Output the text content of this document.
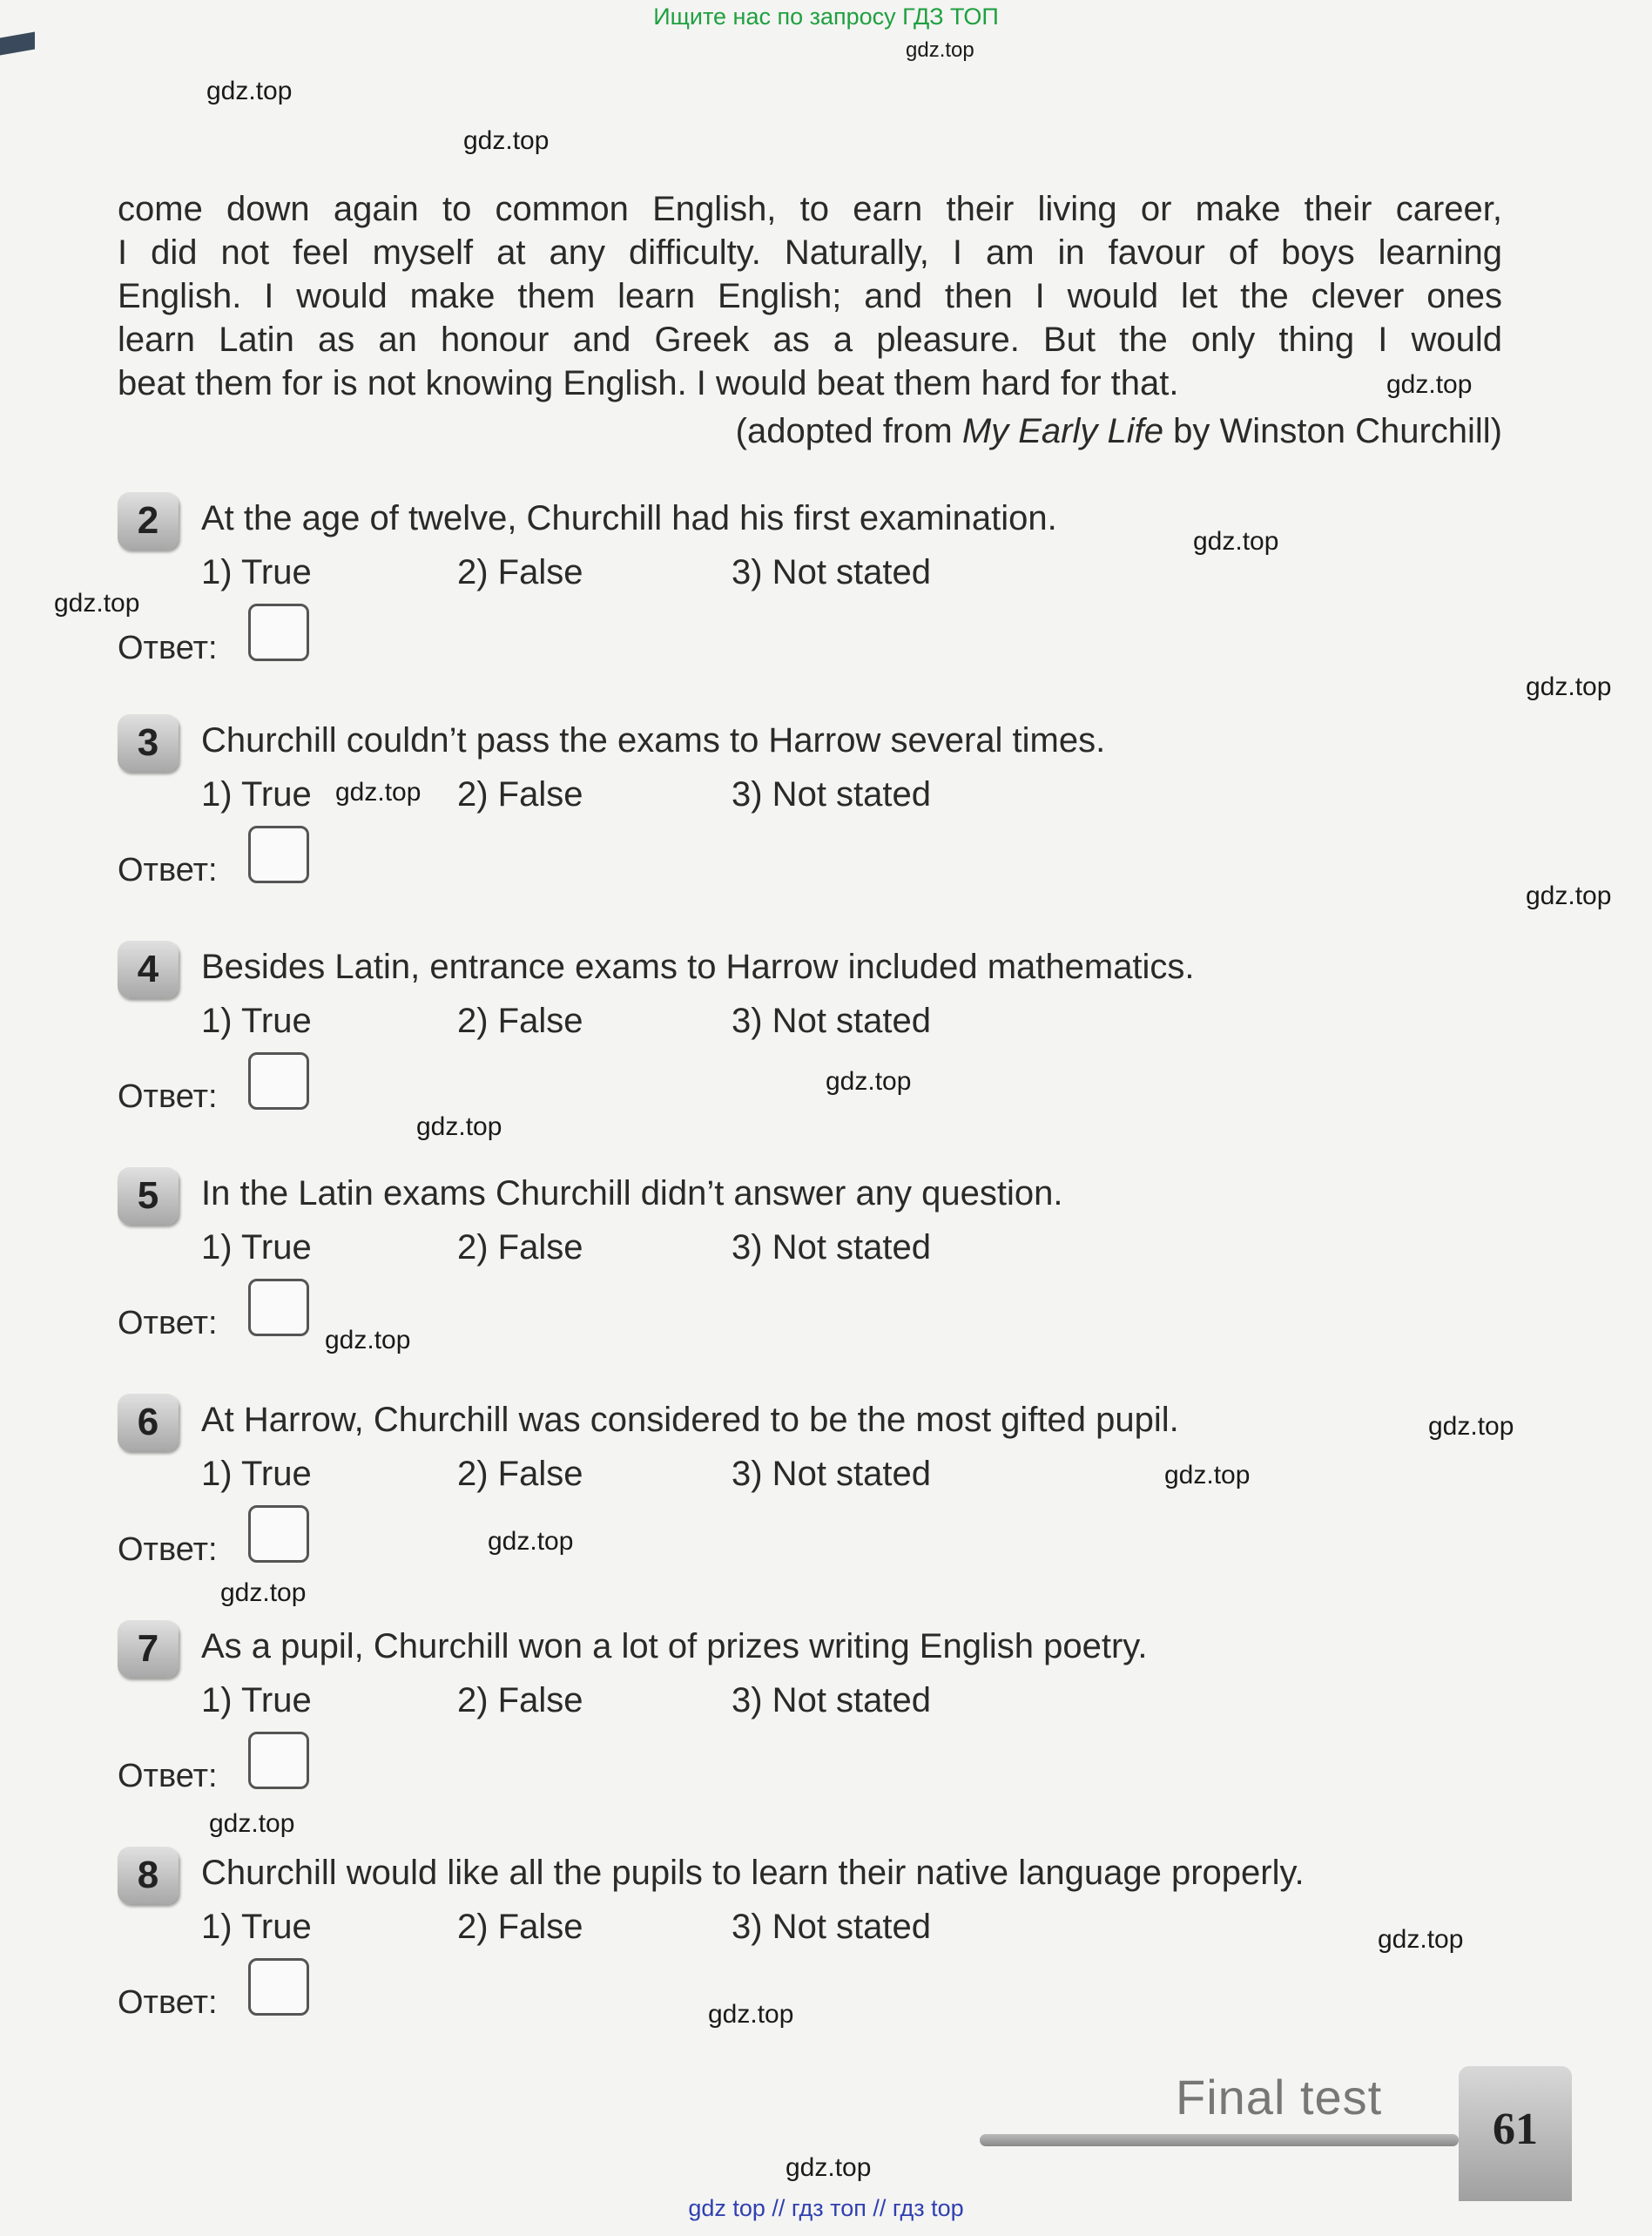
Ищите нас по запросу ГДЗ ТОП
gdz.top
gdz.top
gdz.top
gdz.top
gdz.top
gdz.top
gdz.top
gdz.top
gdz.top
gdz.top
gdz.top
gdz.top
gdz.top
gdz.top
gdz.top
gdz.top
gdz.top
gdz.top
gdz.top
gdz.top

come down again to common English, to earn their living or make their career,

I did not feel myself at any difficulty. Naturally, I am in favour of boys learning

English. I would make them learn English; and then I would let the clever ones

learn Latin as an honour and Greek as a pleasure. But the only thing I would

beat them for is not knowing English. I would beat them hard for that.

(adopted from My Early Life by Winston Churchill)
2	At the age of twelve, Churchill had his first examination.
1) True	2) False	3) Not stated
Ответ:
3	Churchill couldn’t pass the exams to Harrow several times.
1) True	2) False	3) Not stated
Ответ:
4	Besides Latin, entrance exams to Harrow included mathematics.
1) True	2) False	3) Not stated
Ответ:
5	In the Latin exams Churchill didn’t answer any question.
1) True	2) False	3) Not stated
Ответ:
6	At Harrow, Churchill was considered to be the most gifted pupil.
1) True	2) False	3) Not stated
Ответ:
7	As a pupil, Churchill won a lot of prizes writing English poetry.
1) True	2) False	3) Not stated
Ответ:
8	Churchill would like all the pupils to learn their native language properly.
1) True	2) False	3) Not stated
Ответ:
Final test
61
gdz top // гдз топ // гдз top
